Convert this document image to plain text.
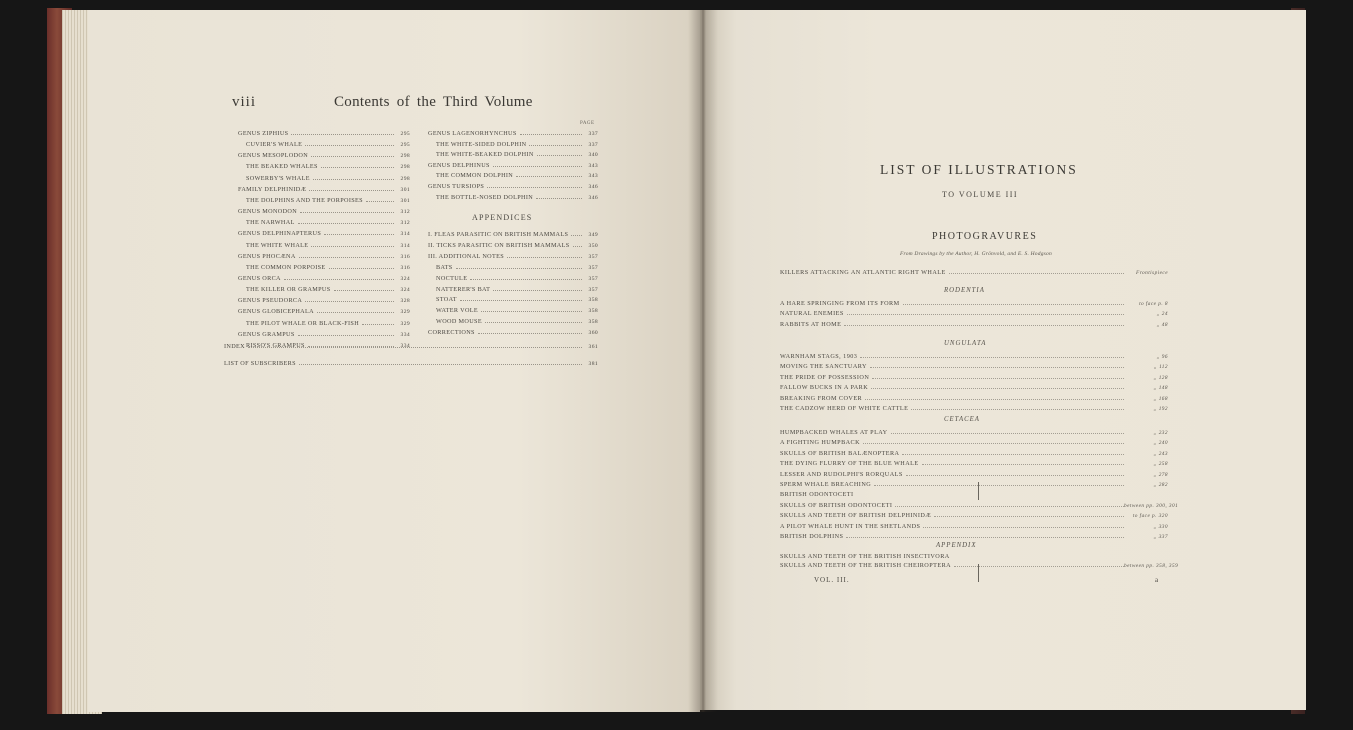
viii	Contents of the Third Volume
PAGE
GENUS ZIPHIUS	295
CUVIER'S WHALE	295
GENUS MESOPLODON	298
THE BEAKED WHALES	298
SOWERBY'S WHALE	298
FAMILY DELPHINIDÆ	301
THE DOLPHINS AND THE PORPOISES	301
GENUS MONODON	312
THE NARWHAL	312
GENUS DELPHINAPTERUS	314
THE WHITE WHALE	314
GENUS PHOCÆNA	316
THE COMMON PORPOISE	316
GENUS ORCA	324
THE KILLER OR GRAMPUS	324
GENUS PSEUDORCA	328
GENUS GLOBICEPHALA	329
THE PILOT WHALE OR BLACK-FISH	329
GENUS GRAMPUS	334
RISSO'S GRAMPUS	334
GENUS LAGENORHYNCHUS	337
THE WHITE-SIDED DOLPHIN	337
THE WHITE-BEAKED DOLPHIN	340
GENUS DELPHINUS	343
THE COMMON DOLPHIN	343
GENUS TURSIOPS	346
THE BOTTLE-NOSED DOLPHIN	346
APPENDICES
I. FLEAS PARASITIC ON BRITISH MAMMALS	349
II. TICKS PARASITIC ON BRITISH MAMMALS	350
III. ADDITIONAL NOTES	357
BATS	357
NOCTULE	357
NATTERER'S BAT	357
STOAT	358
WATER VOLE	358
WOOD MOUSE	358
CORRECTIONS	360
INDEX	361
LIST OF SUBSCRIBERS	381
LIST OF ILLUSTRATIONS
TO VOLUME III
PHOTOGRAVURES
From Drawings by the Author, H. Grönvold, and E. S. Hodgson
KILLERS ATTACKING AN ATLANTIC RIGHT WHALE	Frontispiece
RODENTIA
A HARE SPRINGING FROM ITS FORM	to face p. 8
NATURAL ENEMIES	„ 24
RABBITS AT HOME	„ 48
UNGULATA
WARNHAM STAGS, 1903	„ 96
MOVING THE SANCTUARY	„ 112
THE PRIDE OF POSSESSION	„ 128
FALLOW BUCKS IN A PARK	„ 148
BREAKING FROM COVER	„ 168
THE CADZOW HERD OF WHITE CATTLE	„ 192
CETACEA
HUMPBACKED WHALES AT PLAY	„ 232
A FIGHTING HUMPBACK	„ 240
SKULLS OF BRITISH BALÆNOPTERA	„ 243
THE DYING FLURRY OF THE BLUE WHALE	„ 258
LESSER AND RUDOLPHI'S RORQUALS	„ 278
SPERM WHALE BREACHING	„ 282
BRITISH ODONTOCETI
SKULLS OF BRITISH ODONTOCETI	between pp. 300, 301
SKULLS AND TEETH OF BRITISH DELPHINIDÆ	to face p. 320
A PILOT WHALE HUNT IN THE SHETLANDS	„ 330
BRITISH DOLPHINS	„ 337
APPENDIX
SKULLS AND TEETH OF THE BRITISH INSECTIVORA
SKULLS AND TEETH OF THE BRITISH CHEIROPTERA	between pp. 358, 359
VOL. III.	a
